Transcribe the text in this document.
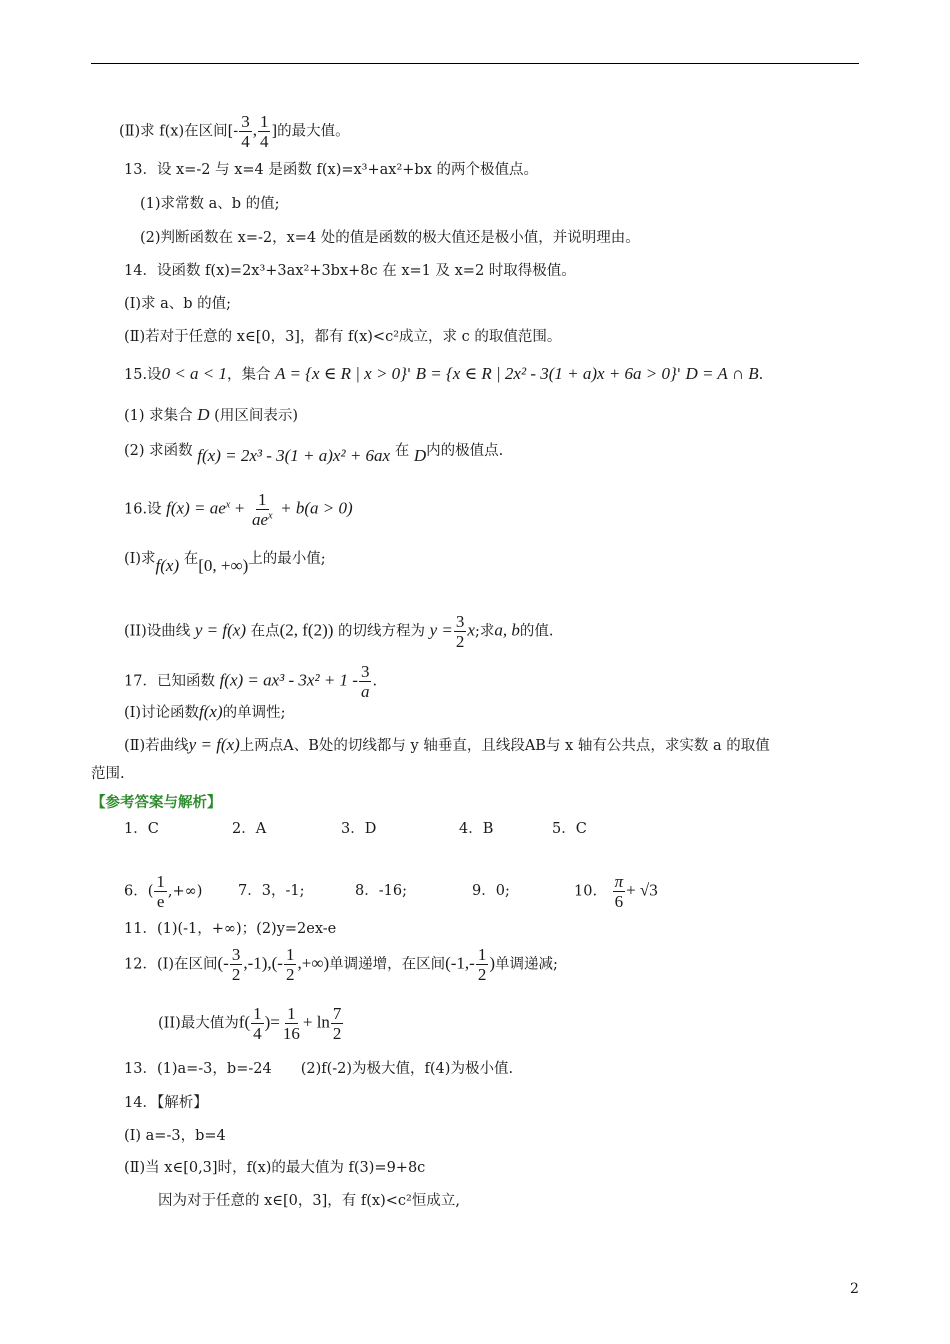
(Ⅱ)求 f(x)在区间[- $\frac{3}{4}$ , $\frac{1}{4}$ ]的最大值。
13．设 x=-2 与 x=4 是函数 f(x)=x³+ax²+bx 的两个极值点。
(1)求常数 a、b 的值;
(2)判断函数在 x=-2，x=4 处的值是函数的极大值还是极小值，并说明理由。
14．设函数 f(x)=2x³+3ax²+3bx+8c 在 x=1 及 x=2 时取得极值。
(Ⅰ)求 a、b 的值;
(Ⅱ)若对于任意的 x∈[0，3]，都有 f(x)<c²成立，求 c 的取值范围。
15.设0 < a < 1，集合 A = {x ∈ R | x > 0}' B = {x ∈ R | 2x² - 3(1 + a)x + 6a > 0}' D = A ∩ B.
(1) 求集合 D (用区间表示)
(2) 求函数 f(x) = 2x³ - 3(1 + a)x² + 6ax 在 D内的极值点.
16.设 $f(x) = ae^x + \frac{1}{ae^x} + b(a > 0)$
(I)求f(x) 在[0, +∞)上的最小值;
(II)设曲线 y = f(x) 在点(2, f(2)) 的切线方程为 $y = \frac{3}{2} x$;求a, b的值.
17．已知函数 $f(x) = ax^3 - 3x^2 + 1 - \frac{3}{a}$ .
(Ⅰ)讨论函数f(x)的单调性;
(Ⅱ)若曲线y = f(x)上两点A、B处的切线都与 y 轴垂直，且线段AB与 x 轴有公共点，求实数 a 的取值
范围.
【参考答案与解析】
1．C	2．A	3．D	4．B	5．C
6．( $\frac{1}{e}$ ,+∞) 7．3，-1;	8．-16;	9．0;	10.　 $\frac{\pi}{6} + √3$
11．(1)(-1，+∞)；(2)y=2ex-e
12．(I)在区间(- $\frac{3}{2} ,-1),(- \frac{1}{2}$ ,+∞)单调递增，在区间($-1,- \frac{1}{2}$ )单调递减;
(II)最大值为$f( \frac{1}{4}$ )= $\frac{1}{16} + \ln \frac{7}{2}$
13．(1)a=-3，b=-24　　(2)f(-2)为极大值，f(4)为极小值.
14．【解析】
(I) a=-3，b=4
(Ⅱ)当 x∈[0,3]时，f(x)的最大值为 f(3)=9+8c
因为对于任意的 x∈[0，3]，有 f(x)<c²恒成立,
2
